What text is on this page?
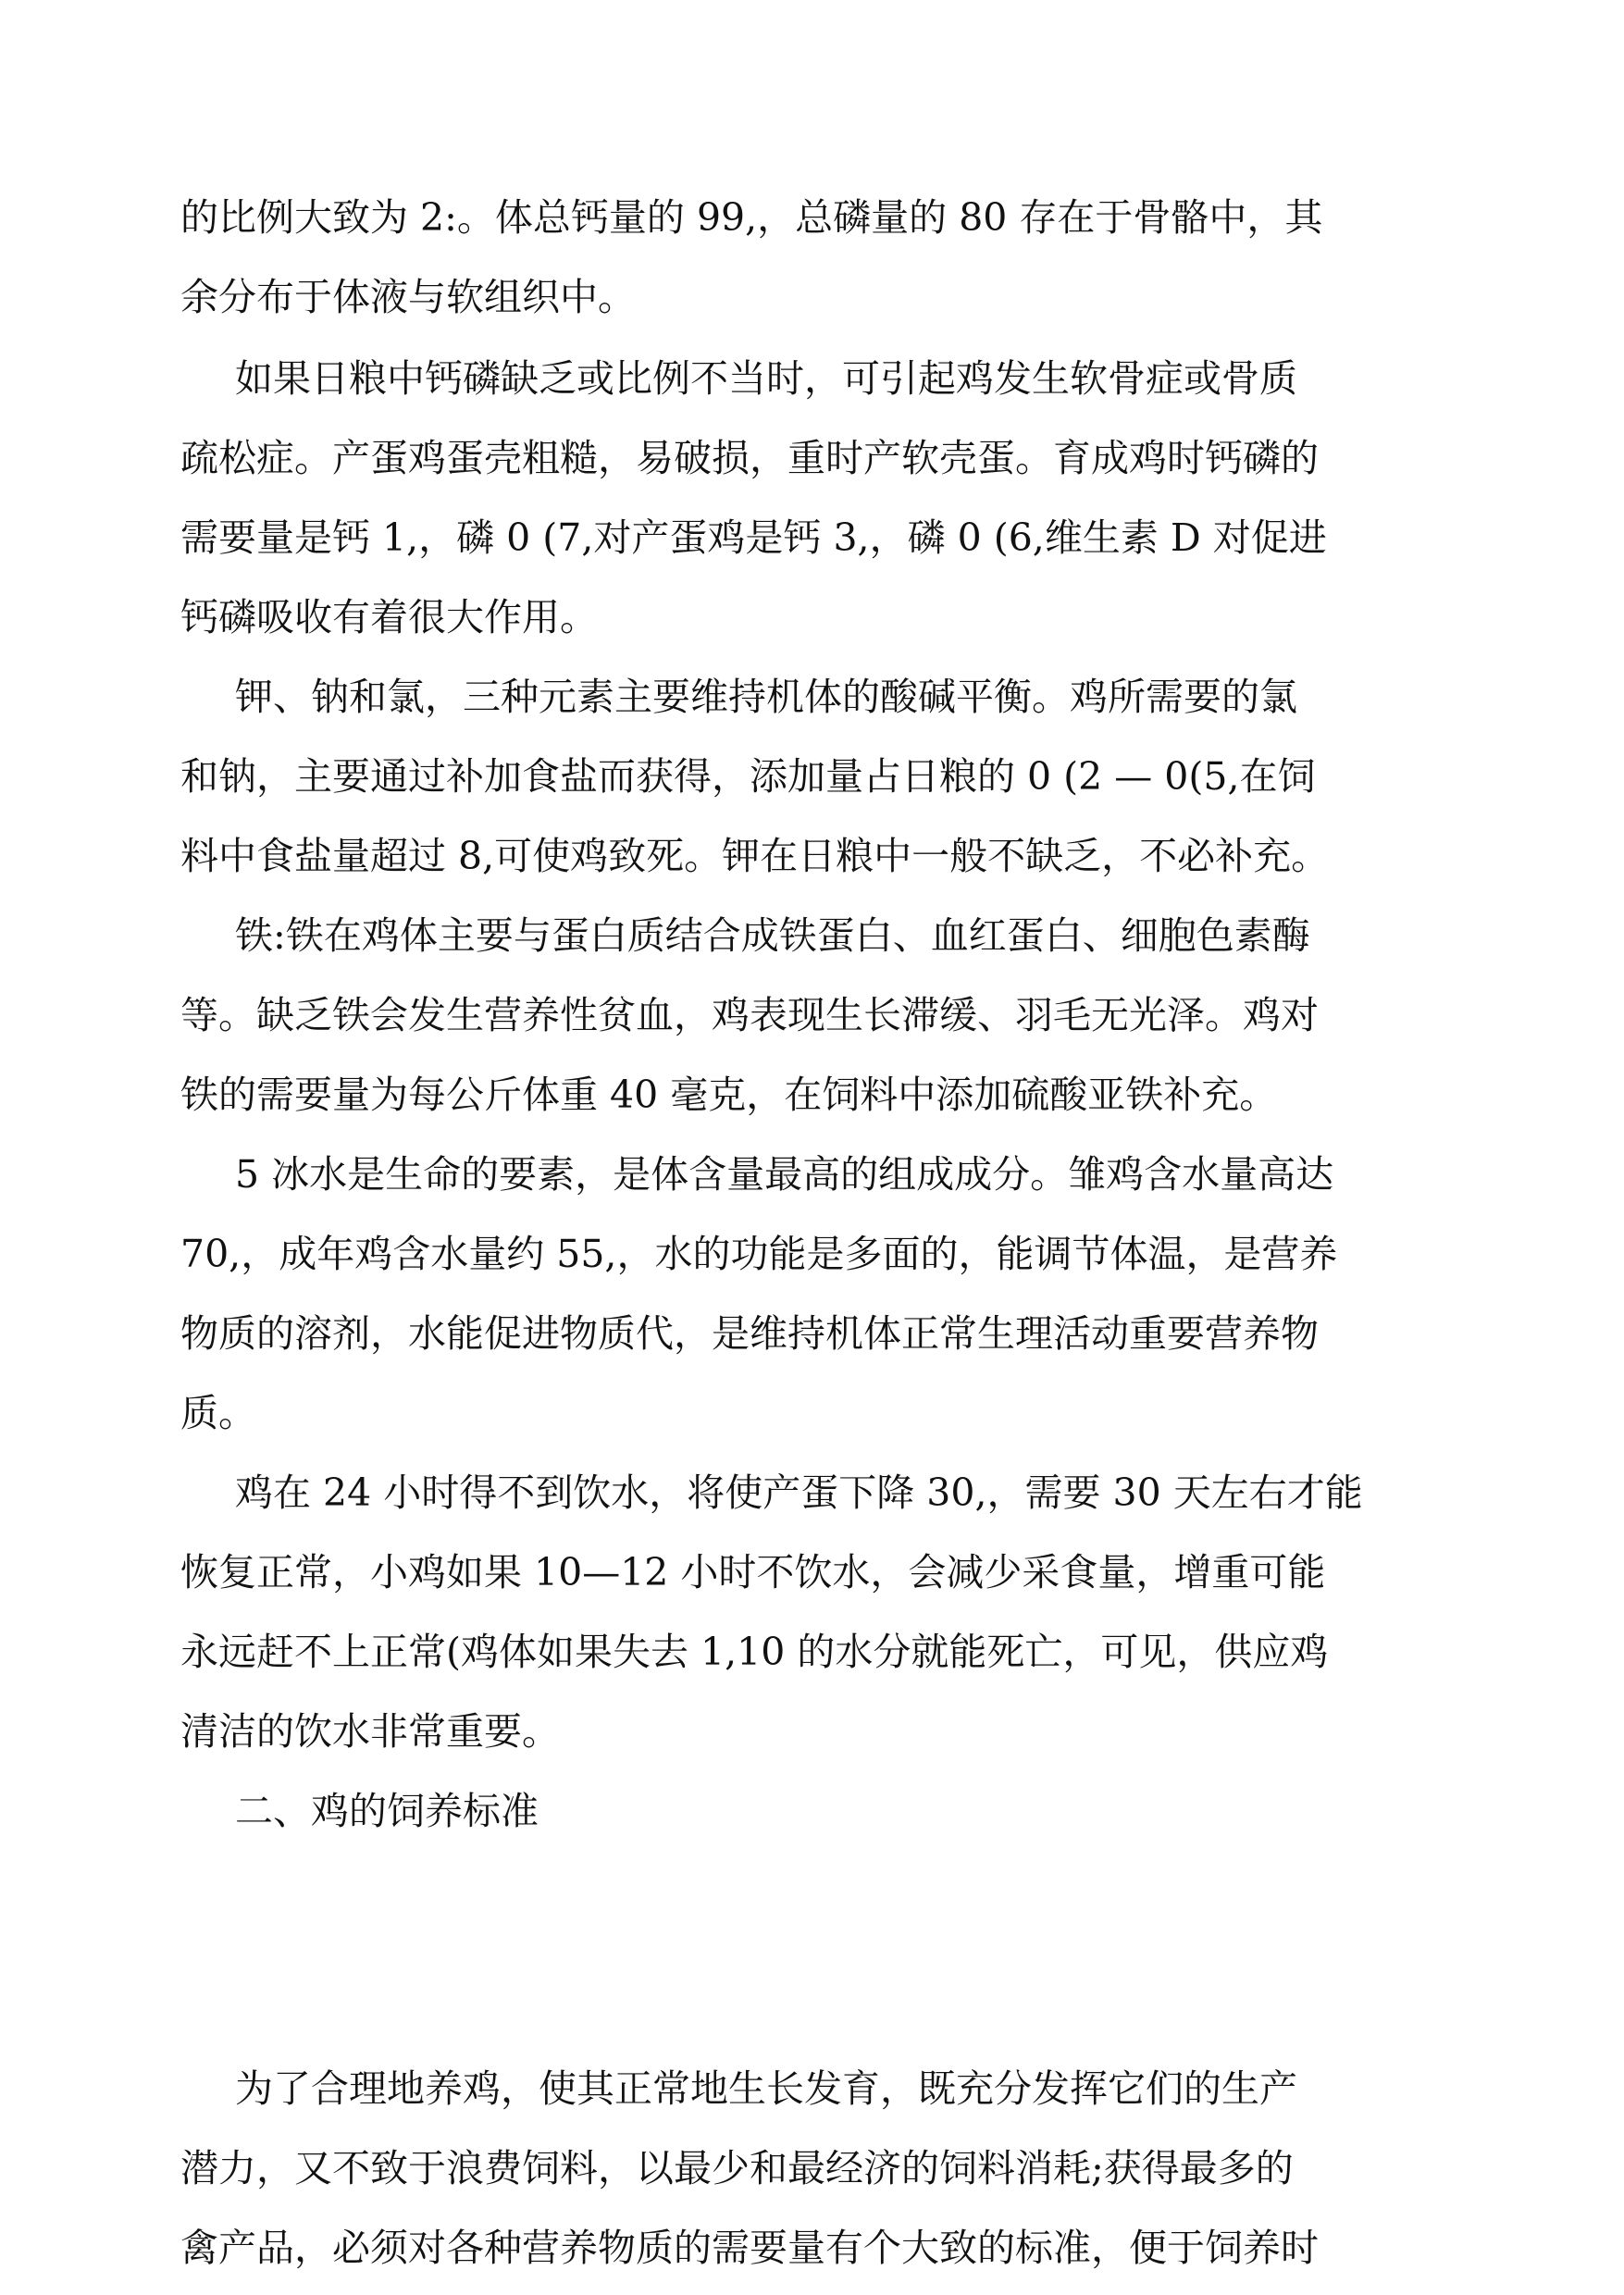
的比例大致为 2:。体总钙量的 99,，总磷量的 80 存在于骨骼中，其

余分布于体液与软组织中。

如果日粮中钙磷缺乏或比例不当时，可引起鸡发生软骨症或骨质

疏松症。产蛋鸡蛋壳粗糙，易破损，重时产软壳蛋。育成鸡时钙磷的

需要量是钙 1,，磷 0 (7,对产蛋鸡是钙 3,，磷 0 (6,维生素 D 对促进

钙磷吸收有着很大作用。

钾、钠和氯，三种元素主要维持机体的酸碱平衡。鸡所需要的氯

和钠，主要通过补加食盐而获得，添加量占日粮的 0 (2 — 0(5,在饲

料中食盐量超过 8,可使鸡致死。钾在日粮中一般不缺乏，不必补充。

铁:铁在鸡体主要与蛋白质结合成铁蛋白、血红蛋白、细胞色素酶

等。缺乏铁会发生营养性贫血，鸡表现生长滞缓、羽毛无光泽。鸡对

铁的需要量为每公斤体重 40 毫克，在饲料中添加硫酸亚铁补充。

5 冰水是生命的要素，是体含量最高的组成成分。雏鸡含水量高达

70,，成年鸡含水量约 55,，水的功能是多面的，能调节体温，是营养

物质的溶剂，水能促进物质代，是维持机体正常生理活动重要营养物

质。

鸡在 24 小时得不到饮水，将使产蛋下降 30,，需要 30 天左右才能

恢复正常，小鸡如果 10—12 小时不饮水，会减少采食量，增重可能

永远赶不上正常(鸡体如果失去 1,10 的水分就能死亡，可见，供应鸡

清洁的饮水非常重要。

二、鸡的饲养标准

为了合理地养鸡，使其正常地生长发育，既充分发挥它们的生产

潜力，又不致于浪费饲料，以最少和最经济的饲料消耗;获得最多的

禽产品，必须对各种营养物质的需要量有个大致的标准，便于饲养时
